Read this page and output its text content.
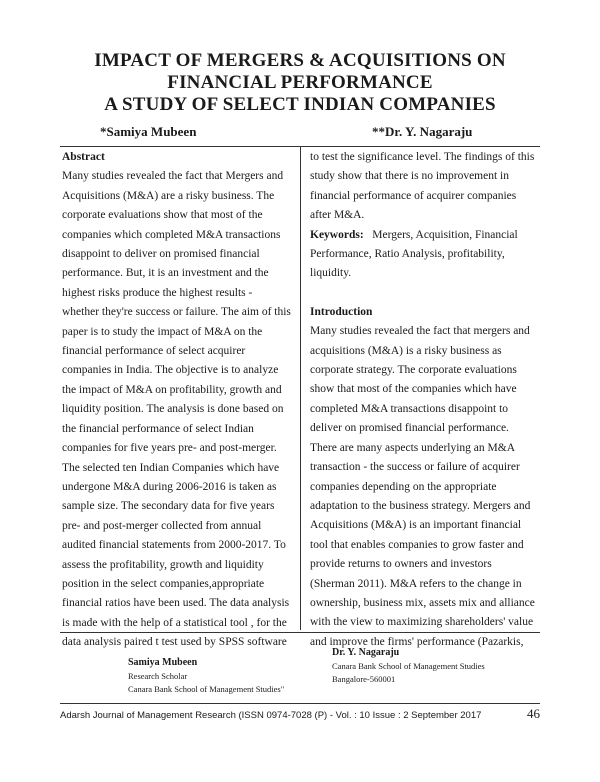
IMPACT OF MERGERS & ACQUISITIONS ON
FINANCIAL PERFORMANCE
A STUDY OF SELECT INDIAN COMPANIES
*Samiya Mubeen	**Dr. Y. Nagaraju

Abstract

Many studies revealed the fact that Mergers and
Acquisitions (M&A) are a risky business. The
corporate evaluations show that most of the
companies which completed M&A transactions
disappoint to deliver on promised financial
performance. But, it is an investment and the
highest risks produce the highest results -
whether they're success or failure. The aim of this
paper is to study the impact of M&A on the
financial performance of select acquirer
companies in India. The objective is to analyze
the impact of M&A on profitability, growth and
liquidity position. The analysis is done based on
the financial performance of select Indian
companies for five years pre- and post-merger.
The selected ten Indian Companies which have
undergone M&A during 2006-2016 is taken as
sample size. The secondary data for five years
pre- and post-merger collected from annual
audited financial statements from 2000-2017. To
assess the profitability, growth and liquidity
position in the select companies,appropriate
financial ratios have been used. The data analysis
is made with the help of a statistical tool , for the
data analysis paired t test used by SPSS software
to test the significance level. The findings of this
study show that there is no improvement in
financial performance of acquirer companies
after M&A.
Keywords: Mergers, Acquisition, Financial
Performance, Ratio Analysis, profitability,
liquidity.

Introduction

Many studies revealed the fact that mergers and
acquisitions (M&A) is a risky business as
corporate strategy. The corporate evaluations
show that most of the companies which have
completed M&A transactions disappoint to
deliver on promised financial performance.
There are many aspects underlying an M&A
transaction - the success or failure of acquirer
companies depending on the appropriate
adaptation to the business strategy. Mergers and
Acquisitions (M&A) is an important financial
tool that enables companies to grow faster and
provide returns to owners and investors
(Sherman 2011). M&A refers to the change in
ownership, business mix, assets mix and alliance
with the view to maximizing shareholders' value
and improve the firms' performance (Pazarkis,
Samiya Mubeen
Research Scholar
Canara Bank School of Management Studies"
Dr. Y. Nagaraju
Canara Bank School of Management Studies
Bangalore-560001
Adarsh Journal of Management Research (ISSN 0974-7028 (P) - Vol. : 10 Issue : 2 September 2017	46
